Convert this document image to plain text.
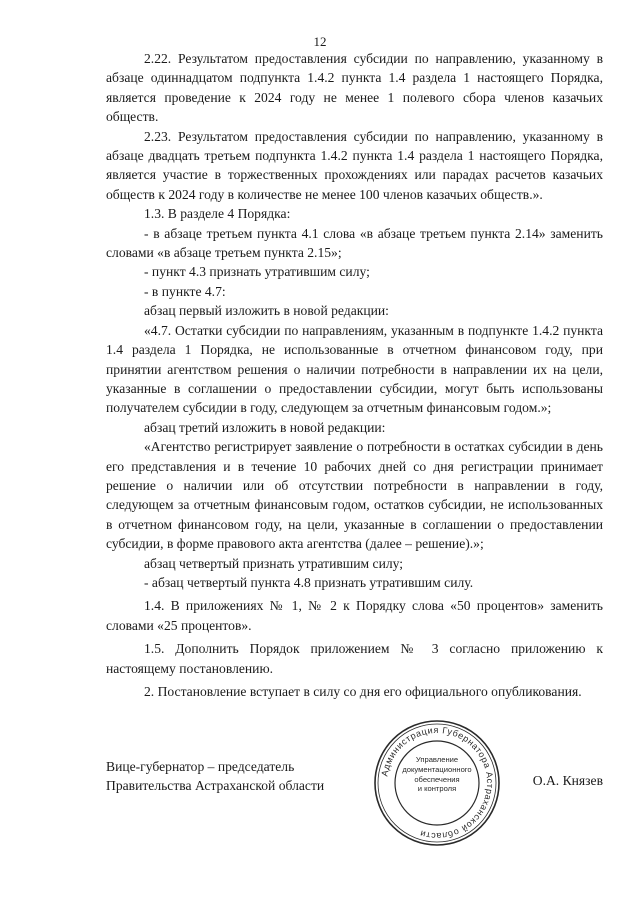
12

2.22. Результатом предоставления субсидии по направлению, указанному в абзаце одиннадцатом подпункта 1.4.2 пункта 1.4 раздела 1 настоящего Порядка, является проведение к 2024 году не менее 1 полевого сбора членов казачьих обществ.

2.23. Результатом предоставления субсидии по направлению, указанному в абзаце двадцать третьем подпункта 1.4.2 пункта 1.4 раздела 1 настоящего Порядка, является участие в торжественных прохождениях или парадах расчетов казачьих обществ к 2024 году в количестве не менее 100 членов казачьих обществ.».

1.3. В разделе 4 Порядка:

- в абзаце третьем пункта 4.1 слова «в абзаце третьем пункта 2.14» заменить словами «в абзаце третьем пункта 2.15»;

- пункт 4.3 признать утратившим силу;

- в пункте 4.7:

абзац первый изложить в новой редакции:

«4.7. Остатки субсидии по направлениям, указанным в подпункте 1.4.2 пункта 1.4 раздела 1 Порядка, не использованные в отчетном финансовом году, при принятии агентством решения о наличии потребности в направлении их на цели, указанные в соглашении о предоставлении субсидии, могут быть использованы получателем субсидии в году, следующем за отчетным финансовым годом.»;

абзац третий изложить в новой редакции:

«Агентство регистрирует заявление о потребности в остатках субсидии в день его представления и в течение 10 рабочих дней со дня регистрации принимает решение о наличии или об отсутствии потребности в направлении в году, следующем за отчетным финансовым годом, остатков субсидии, не использованных в отчетном финансовом году, на цели, указанные в соглашении о предоставлении субсидии, в форме правового акта агентства (далее – решение).»;

абзац четвертый признать утратившим силу;

- абзац четвертый пункта 4.8 признать утратившим силу.

1.4. В приложениях № 1, № 2 к Порядку слова «50 процентов» заменить словами «25 процентов».

1.5. Дополнить Порядок приложением № 3 согласно приложению к настоящему постановлению.

2. Постановление вступает в силу со дня его официального опубликования.

Вице-губернатор – председатель
Правительства Астраханской области	О.А. Князев
Администрация Губернатора Астраханской области
Управление
документационного
обеспечения
и контроля
